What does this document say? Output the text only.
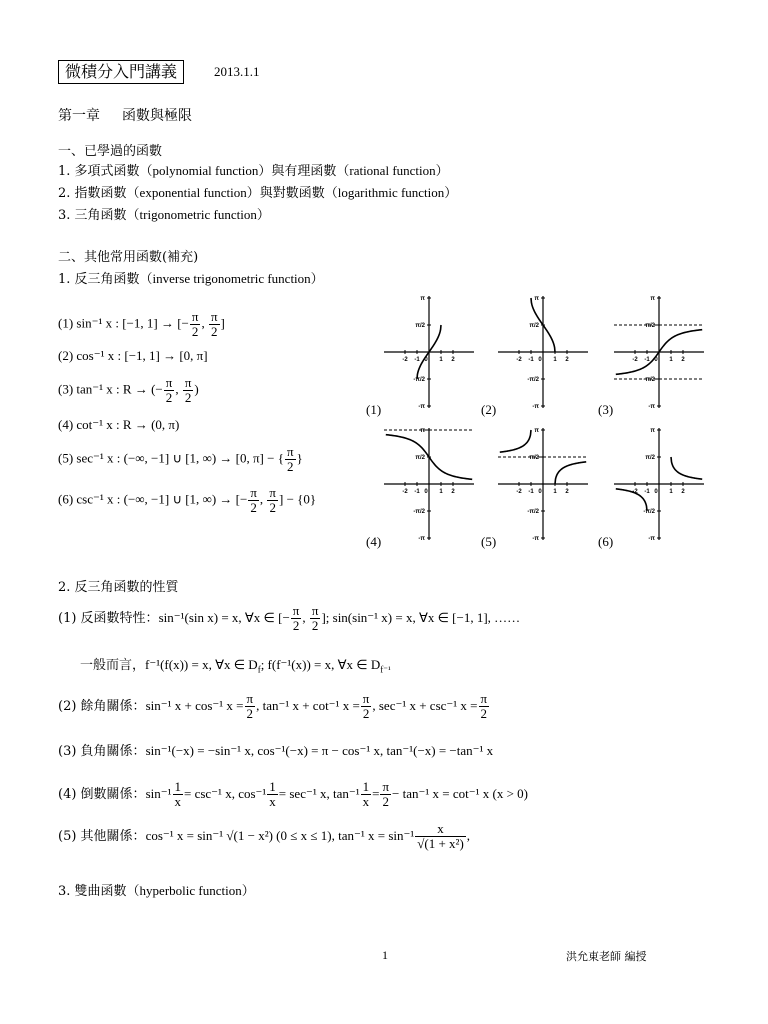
微積分入門講義	2013.1.1
第一章 函數與極限
一、已學過的函數
1. 多項式函數（polynomial function）與有理函數（rational function）
2. 指數函數（exponential function）與對數函數（logarithmic function）
3. 三角函數（trigonometric function）
二、其他常用函數(補充)
1. 反三角函數（inverse trigonometric function）
(1) sin⁻¹ x : [−1, 1] → [− $\frac{\pi}{2}$ , $\frac{\pi}{2}$ ]
(2) cos⁻¹ x : [−1, 1] → [0, π]
(3) tan⁻¹ x : R → (− $\frac{\pi}{2}$ , $\frac{\pi}{2}$ )
(4) cot⁻¹ x : R → (0, π)
(5) sec⁻¹ x : (−∞, −1] ∪ [1, ∞) → [0, π] − { $\frac{\pi}{2}$ }
(6) csc⁻¹ x : (−∞, −1] ∪ [1, ∞) → [− $\frac{\pi}{2}$ , $\frac{\pi}{2}$ ] − {0}
-2 -1 0 1 2
π
π/2
-π/2
-π
-2 -1 0 1 2
π
π/2
-π/2
-π
-2 -1 0 1 2
π
π/2
-π/2
-π
-2 -1 0 1 2
π
π/2
-π/2
-π
-2 -1 0 1 2
π
π/2
-π/2
-π
-2 -1 0 1 2
π
π/2
-π/2
-π
(1)	(2)	(3)
(4)	(5)	(6)
2. 反三角函數的性質
(1) 反函數特性：sin⁻¹(sin x) = x, ∀x ∈ [− $\frac{\pi}{2}$ , $\frac{\pi}{2}$ ]; sin(sin⁻¹ x) = x, ∀x ∈ [−1, 1], ……
一般而言，f⁻¹(f(x)) = x, ∀x ∈ $D_f$; f(f⁻¹(x)) = x, ∀x ∈ $D_{f^{-1}}$
(2) 餘角關係：sin⁻¹ x + cos⁻¹ $x = \frac{\pi}{2}$ , tan⁻¹ x + cot⁻¹ $x = \frac{\pi}{2}$ , sec⁻¹ x + csc⁻¹ $x = \frac{\pi}{2}$
(3) 負角關係：sin⁻¹(−x) = −sin⁻¹ x, cos⁻¹(−x) = π − cos⁻¹ x, tan⁻¹(−x) = −tan⁻¹ x
(4) 倒數關係：$\sin^{-1} \frac{1}{x} = \csc^{-1}$ x, $\cos^{-1} \frac{1}{x} = \sec^{-1}$ x, $\tan^{-1} \frac{1}{x} = \frac{\pi}{2} - \tan^{-1}$ x = cot⁻¹ x (x > 0)
(5) 其他關係：cos⁻¹ x = sin⁻¹ √(1 − x²) (0 ≤ x ≤ 1), tan⁻¹ $x = \sin^{-1} \frac{x}{\text{√(1 + x²)}}$ ,
3. 雙曲函數（hyperbolic function）
1	洪允東老師 編授
